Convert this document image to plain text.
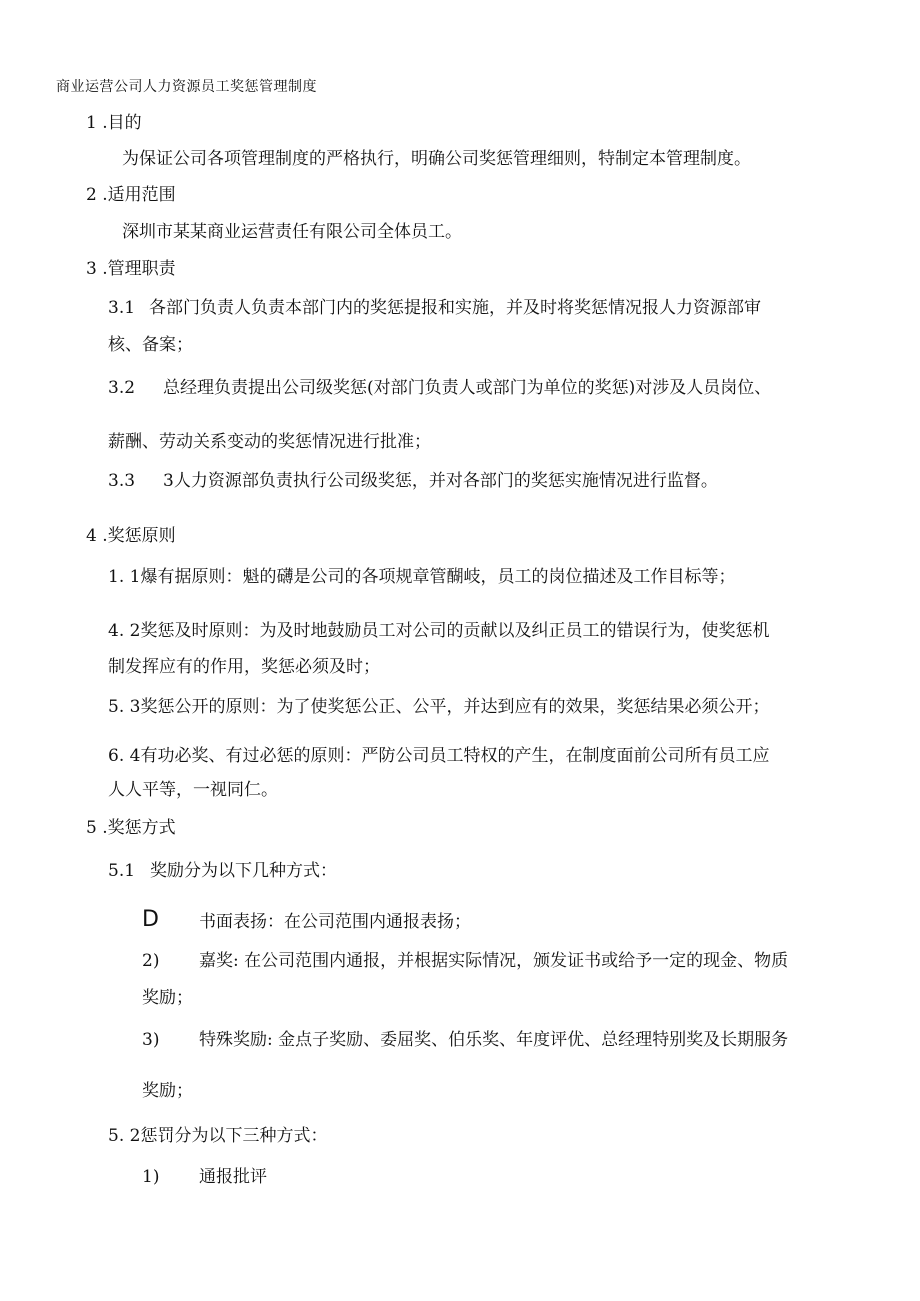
商业运营公司人力资源员工奖惩管理制度
1 .目的
为保证公司各项管理制度的严格执行，明确公司奖惩管理细则，特制定本管理制度。
2 .适用范围
深圳市某某商业运营责任有限公司全体员工。
3 .管理职责
3.1 各部门负责人负责本部门内的奖惩提报和实施，并及时将奖惩情况报人力资源部审
核、备案；
3.2 总经理负责提出公司级奖惩(对部门负责人或部门为单位的奖惩)对涉及人员岗位、
薪酬、劳动关系变动的奖惩情况进行批准；
3.3 3人力资源部负责执行公司级奖惩，并对各部门的奖惩实施情况进行监督。
4 .奖惩原则
1. 1爆有据原则：魁的礴是公司的各项规章管醐岐，员工的岗位描述及工作目标等；
4. 2奖惩及时原则：为及时地鼓励员工对公司的贡献以及纠正员工的错误行为，使奖惩机
制发挥应有的作用，奖惩必须及时；
5. 3奖惩公开的原则：为了使奖惩公正、公平，并达到应有的效果，奖惩结果必须公开；
6. 4有功必奖、有过必惩的原则：严防公司员工特权的产生，在制度面前公司所有员工应
人人平等，一视同仁。
5 .奖惩方式
5.1 奖励分为以下几种方式：
D 书面表扬：在公司范围内通报表扬；
2) 嘉奖: 在公司范围内通报，并根据实际情况，颁发证书或给予一定的现金、物质
奖励；
3) 特殊奖励: 金点子奖励、委屈奖、伯乐奖、年度评优、总经理特别奖及长期服务
奖励；
5. 2惩罚分为以下三种方式：
1) 通报批评
